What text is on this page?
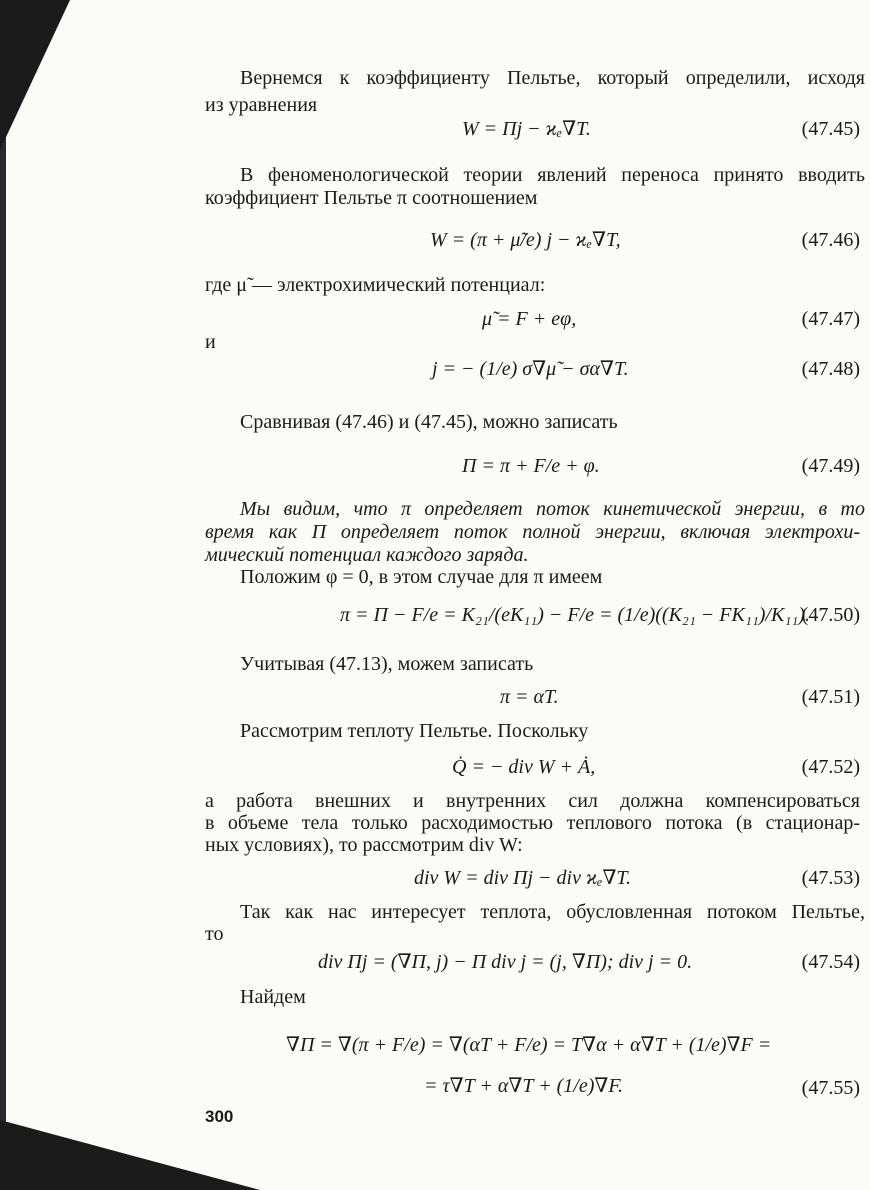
Вернемся к коэффициенту Пельтье, который определили, исходя
из уравнения
W = Пj − ϰₑ∇T.	(47.45)
В феноменологической теории явлений переноса принято вводить
коэффициент Пельтье π соотношением
W = (π + μ̃/e) j − ϰₑ∇T,	(47.46)
где μ̃ — электрохимический потенциал:
μ̃ = F + eφ,	(47.47)
и
j = − (1/e) σ∇μ̃ − σα∇T.	(47.48)
Сравнивая (47.46) и (47.45), можно записать
П = π + F/e + φ.	(47.49)
Мы видим, что π определяет поток кинетической энергии, в то
время как П определяет поток полной энергии, включая электрохи-
мический потенциал каждого заряда.
Положим φ = 0, в этом случае для π имеем
π = П − F/e = K₂₁/(eK₁₁) − F/e = (1/e)((K₂₁ − FK₁₁)/K₁₁).
(47.50)
Учитывая (47.13), можем записать
π = αT.	(47.51)
Рассмотрим теплоту Пельтье. Поскольку
Q̇ = − div W + Ȧ,	(47.52)
а работа внешних и внутренних сил должна компенсироваться
в объеме тела только расходимостью теплового потока (в стационар-
ных условиях), то рассмотрим div W:
div W = div Пj − div ϰₑ∇T.	(47.53)
Так как нас интересует теплота, обусловленная потоком Пельтье,
то
div Пj = (∇П, j) − П div j = (j, ∇П); div j = 0.	(47.54)
Найдем
∇П = ∇(π + F/e) = ∇(αT + F/e) = T∇α + α∇T + (1/e)∇F =
= τ∇T + α∇T + (1/e)∇F.	(47.55)
300
